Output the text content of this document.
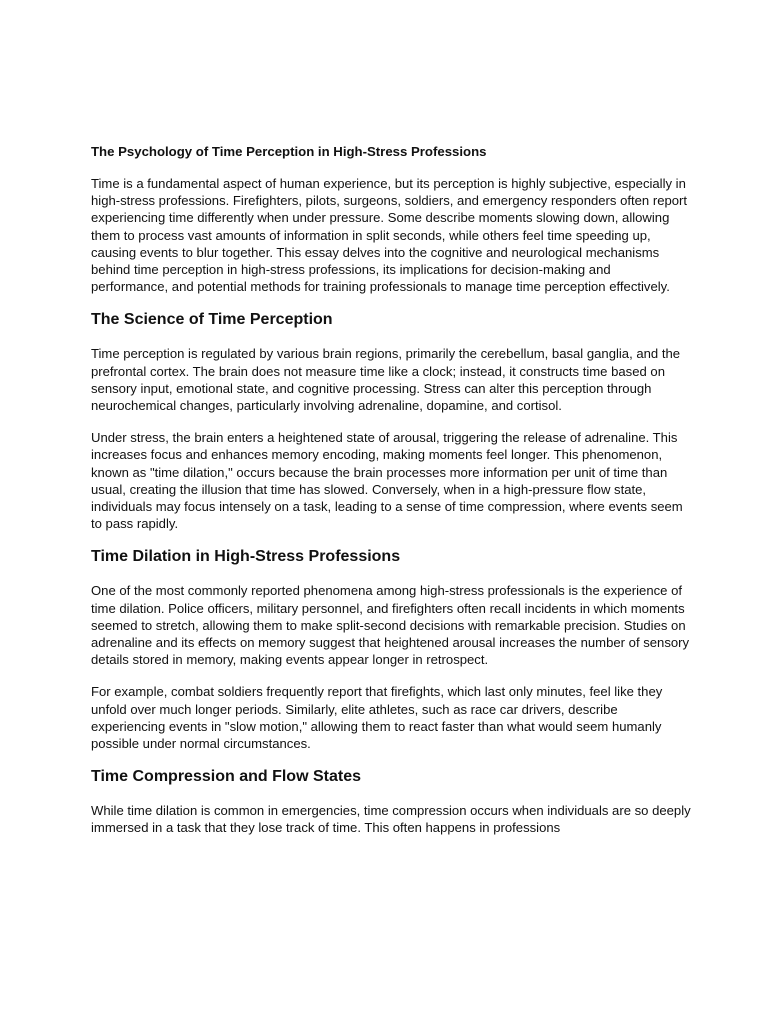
The Psychology of Time Perception in High-Stress Professions

Time is a fundamental aspect of human experience, but its perception is highly subjective, especially in high-stress professions. Firefighters, pilots, surgeons, soldiers, and emergency responders often report experiencing time differently when under pressure. Some describe moments slowing down, allowing them to process vast amounts of information in split seconds, while others feel time speeding up, causing events to blur together. This essay delves into the cognitive and neurological mechanisms behind time perception in high-stress professions, its implications for decision-making and performance, and potential methods for training professionals to manage time perception effectively.

The Science of Time Perception

Time perception is regulated by various brain regions, primarily the cerebellum, basal ganglia, and the prefrontal cortex. The brain does not measure time like a clock; instead, it constructs time based on sensory input, emotional state, and cognitive processing. Stress can alter this perception through neurochemical changes, particularly involving adrenaline, dopamine, and cortisol.

Under stress, the brain enters a heightened state of arousal, triggering the release of adrenaline. This increases focus and enhances memory encoding, making moments feel longer. This phenomenon, known as "time dilation," occurs because the brain processes more information per unit of time than usual, creating the illusion that time has slowed. Conversely, when in a high-pressure flow state, individuals may focus intensely on a task, leading to a sense of time compression, where events seem to pass rapidly.

Time Dilation in High-Stress Professions

One of the most commonly reported phenomena among high-stress professionals is the experience of time dilation. Police officers, military personnel, and firefighters often recall incidents in which moments seemed to stretch, allowing them to make split-second decisions with remarkable precision. Studies on adrenaline and its effects on memory suggest that heightened arousal increases the number of sensory details stored in memory, making events appear longer in retrospect.

For example, combat soldiers frequently report that firefights, which last only minutes, feel like they unfold over much longer periods. Similarly, elite athletes, such as race car drivers, describe experiencing events in "slow motion," allowing them to react faster than what would seem humanly possible under normal circumstances.

Time Compression and Flow States

While time dilation is common in emergencies, time compression occurs when individuals are so deeply immersed in a task that they lose track of time. This often happens in professions
